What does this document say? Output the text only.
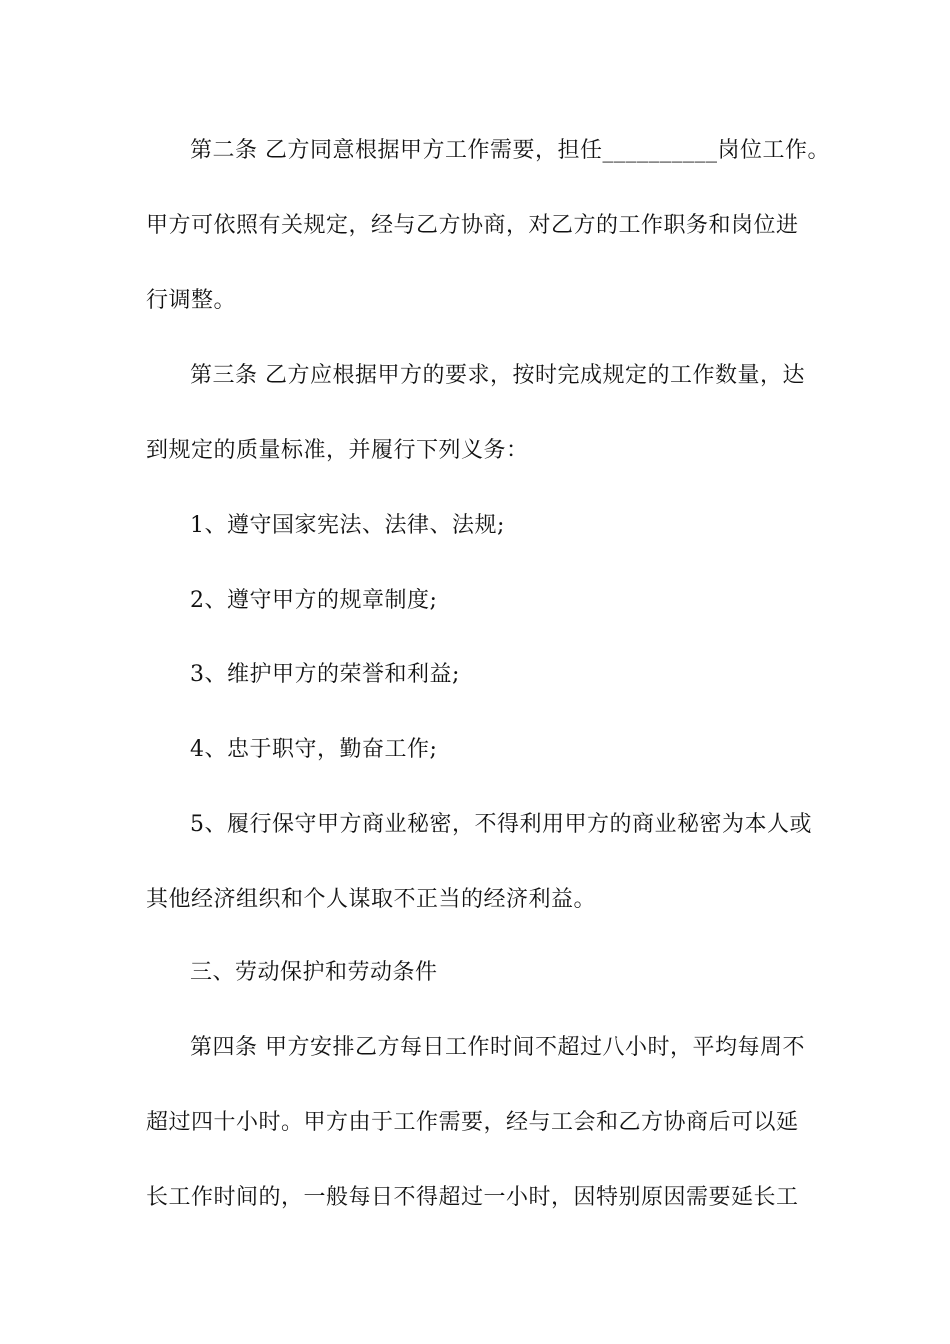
第二条 乙方同意根据甲方工作需要，担任__________岗位工作。
甲方可依照有关规定，经与乙方协商，对乙方的工作职务和岗位进
行调整。
第三条 乙方应根据甲方的要求，按时完成规定的工作数量，达
到规定的质量标准，并履行下列义务：
1、遵守国家宪法、法律、法规;
2、遵守甲方的规章制度;
3、维护甲方的荣誉和利益;
4、忠于职守，勤奋工作;
5、履行保守甲方商业秘密，不得利用甲方的商业秘密为本人或
其他经济组织和个人谋取不正当的经济利益。
三、劳动保护和劳动条件
第四条 甲方安排乙方每日工作时间不超过八小时，平均每周不
超过四十小时。甲方由于工作需要，经与工会和乙方协商后可以延
长工作时间的，一般每日不得超过一小时，因特别原因需要延长工
